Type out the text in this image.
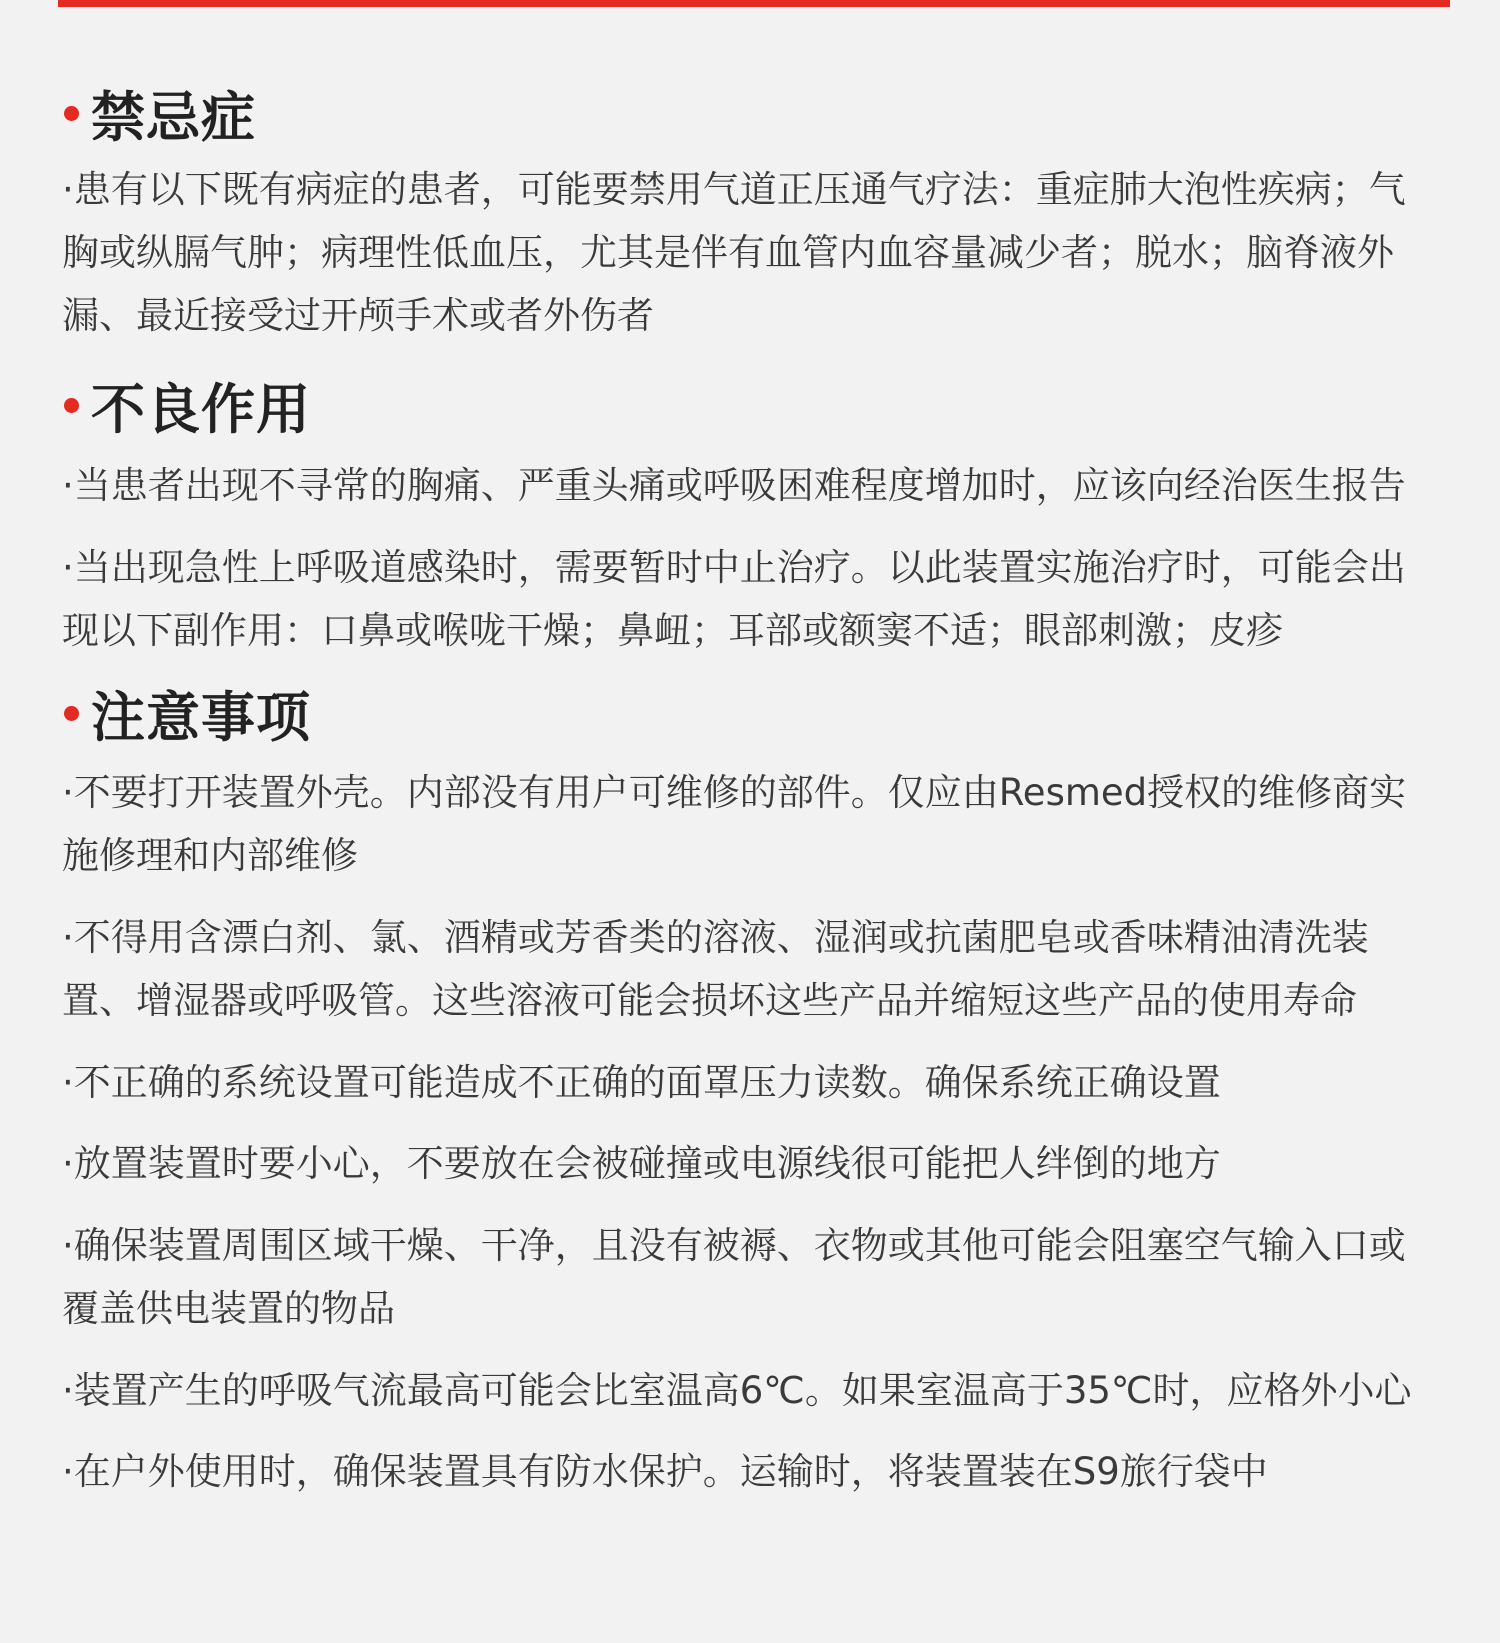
禁忌症

·患有以下既有病症的患者，可能要禁用气道正压通气疗法：重症肺大泡性疾病；气胸或纵膈气肿；病理性低血压，尤其是伴有血管内血容量减少者；脱水；脑脊液外漏、最近接受过开颅手术或者外伤者

不良作用

·当患者出现不寻常的胸痛、严重头痛或呼吸困难程度增加时，应该向经治医生报告

·当出现急性上呼吸道感染时，需要暂时中止治疗。以此装置实施治疗时，可能会出现以下副作用：口鼻或喉咙干燥；鼻衄；耳部或额窦不适；眼部刺激；皮疹

注意事项

·不要打开装置外壳。内部没有用户可维修的部件。仅应由Resmed授权的维修商实施修理和内部维修

·不得用含漂白剂、氯、酒精或芳香类的溶液、湿润或抗菌肥皂或香味精油清洗装置、增湿器或呼吸管。这些溶液可能会损坏这些产品并缩短这些产品的使用寿命

·不正确的系统设置可能造成不正确的面罩压力读数。确保系统正确设置

·放置装置时要小心，不要放在会被碰撞或电源线很可能把人绊倒的地方

·确保装置周围区域干燥、干净，且没有被褥、衣物或其他可能会阻塞空气输入口或覆盖供电装置的物品

·装置产生的呼吸气流最高可能会比室温高6℃。如果室温高于35℃时，应格外小心

·在户外使用时，确保装置具有防水保护。运输时，将装置装在S9旅行袋中
